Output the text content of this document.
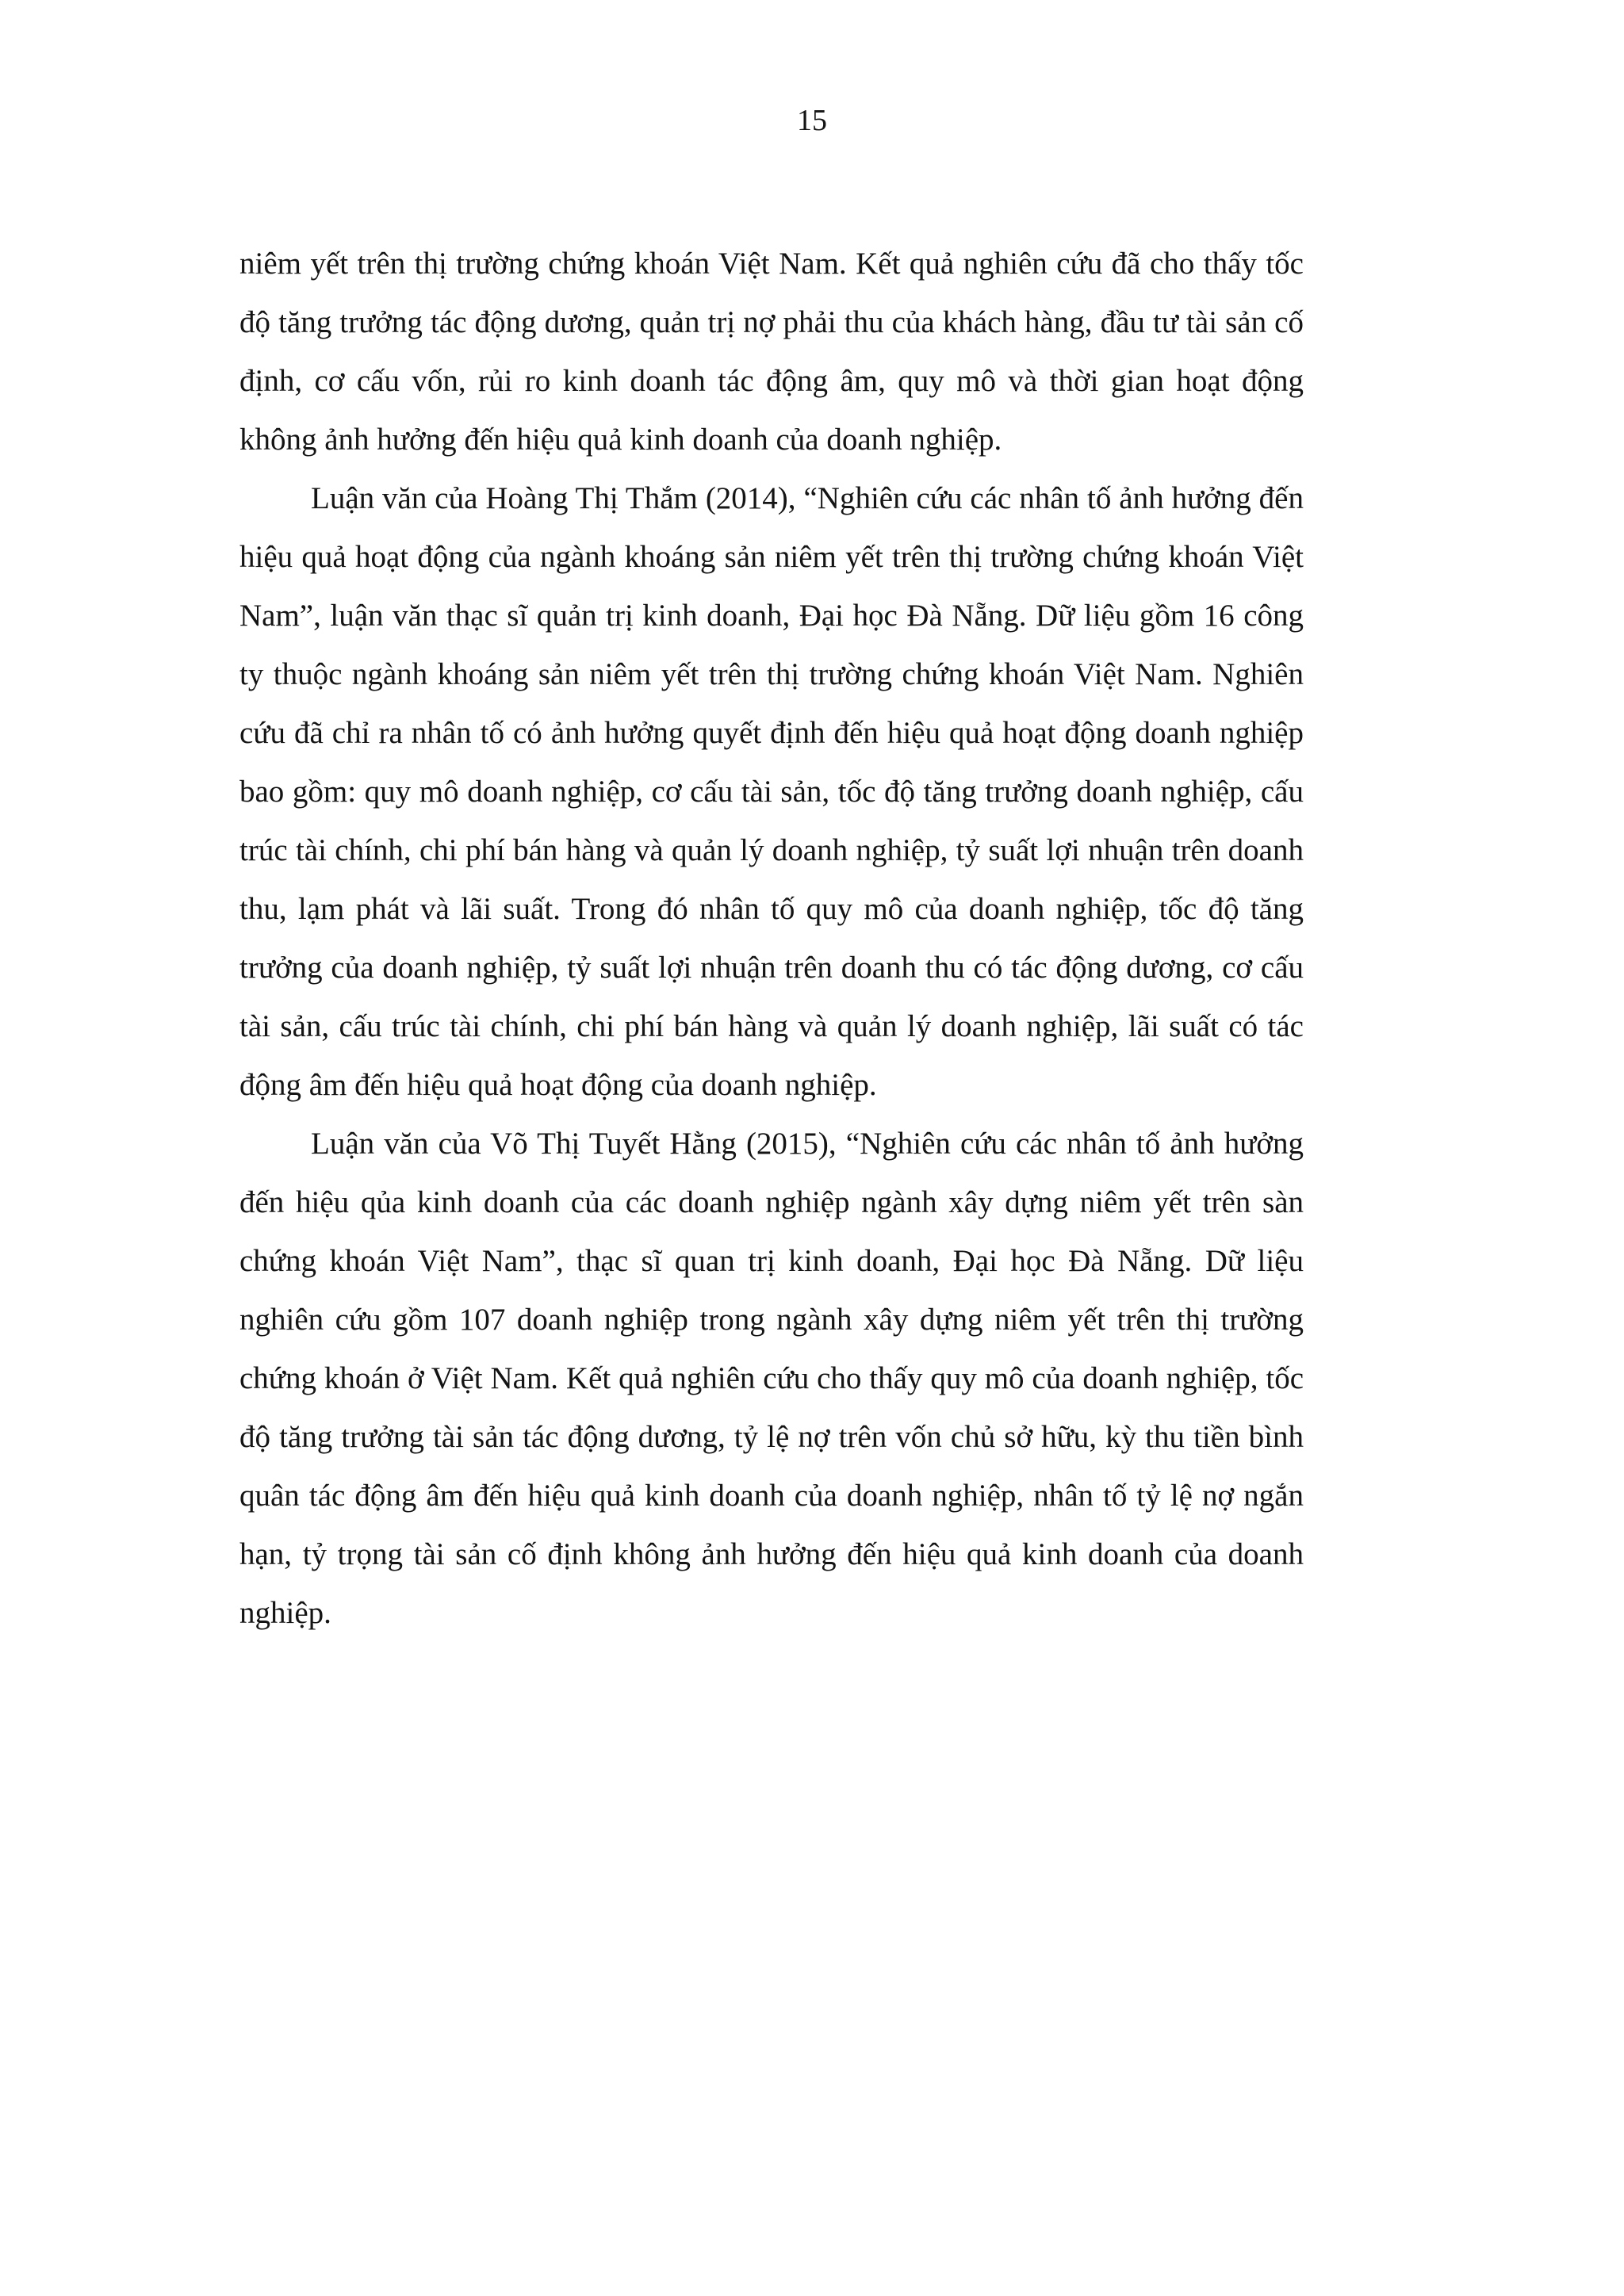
15

niêm yết trên thị trường chứng khoán Việt Nam. Kết quả nghiên cứu đã cho thấy tốc độ tăng trưởng tác động dương, quản trị nợ phải thu của khách hàng, đầu tư tài sản cố định, cơ cấu vốn, rủi ro kinh doanh tác động âm, quy mô và thời gian hoạt động không ảnh hưởng đến hiệu quả kinh doanh của doanh nghiệp.

Luận văn của Hoàng Thị Thắm (2014), “Nghiên cứu các nhân tố ảnh hưởng đến hiệu quả hoạt động của ngành khoáng sản niêm yết trên thị trường chứng khoán Việt Nam”, luận văn thạc sĩ quản trị kinh doanh, Đại học Đà Nẵng. Dữ liệu gồm 16 công ty thuộc ngành khoáng sản niêm yết trên thị trường chứng khoán Việt Nam. Nghiên cứu đã chỉ ra nhân tố có ảnh hưởng quyết định đến hiệu quả hoạt động doanh nghiệp bao gồm: quy mô doanh nghiệp, cơ cấu tài sản, tốc độ tăng trưởng doanh nghiệp, cấu trúc tài chính, chi phí bán hàng và quản lý doanh nghiệp, tỷ suất lợi nhuận trên doanh thu, lạm phát và lãi suất. Trong đó nhân tố quy mô của doanh nghiệp, tốc độ tăng trưởng của doanh nghiệp, tỷ suất lợi nhuận trên doanh thu có tác động dương, cơ cấu tài sản, cấu trúc tài chính, chi phí bán hàng và quản lý doanh nghiệp, lãi suất có tác động âm đến hiệu quả hoạt động của doanh nghiệp.

Luận văn của Võ Thị Tuyết Hằng (2015), “Nghiên cứu các nhân tố ảnh hưởng đến hiệu qủa kinh doanh của các doanh nghiệp ngành xây dựng niêm yết trên sàn chứng khoán Việt Nam”, thạc sĩ quan trị kinh doanh, Đại học Đà Nẵng. Dữ liệu nghiên cứu gồm 107 doanh nghiệp trong ngành xây dựng niêm yết trên thị trường chứng khoán ở Việt Nam. Kết quả nghiên cứu cho thấy quy mô của doanh nghiệp, tốc độ tăng trưởng tài sản tác động dương, tỷ lệ nợ trên vốn chủ sở hữu, kỳ thu tiền bình quân tác động âm đến hiệu quả kinh doanh của doanh nghiệp, nhân tố tỷ lệ nợ ngắn hạn, tỷ trọng tài sản cố định không ảnh hưởng đến hiệu quả kinh doanh của doanh nghiệp.
